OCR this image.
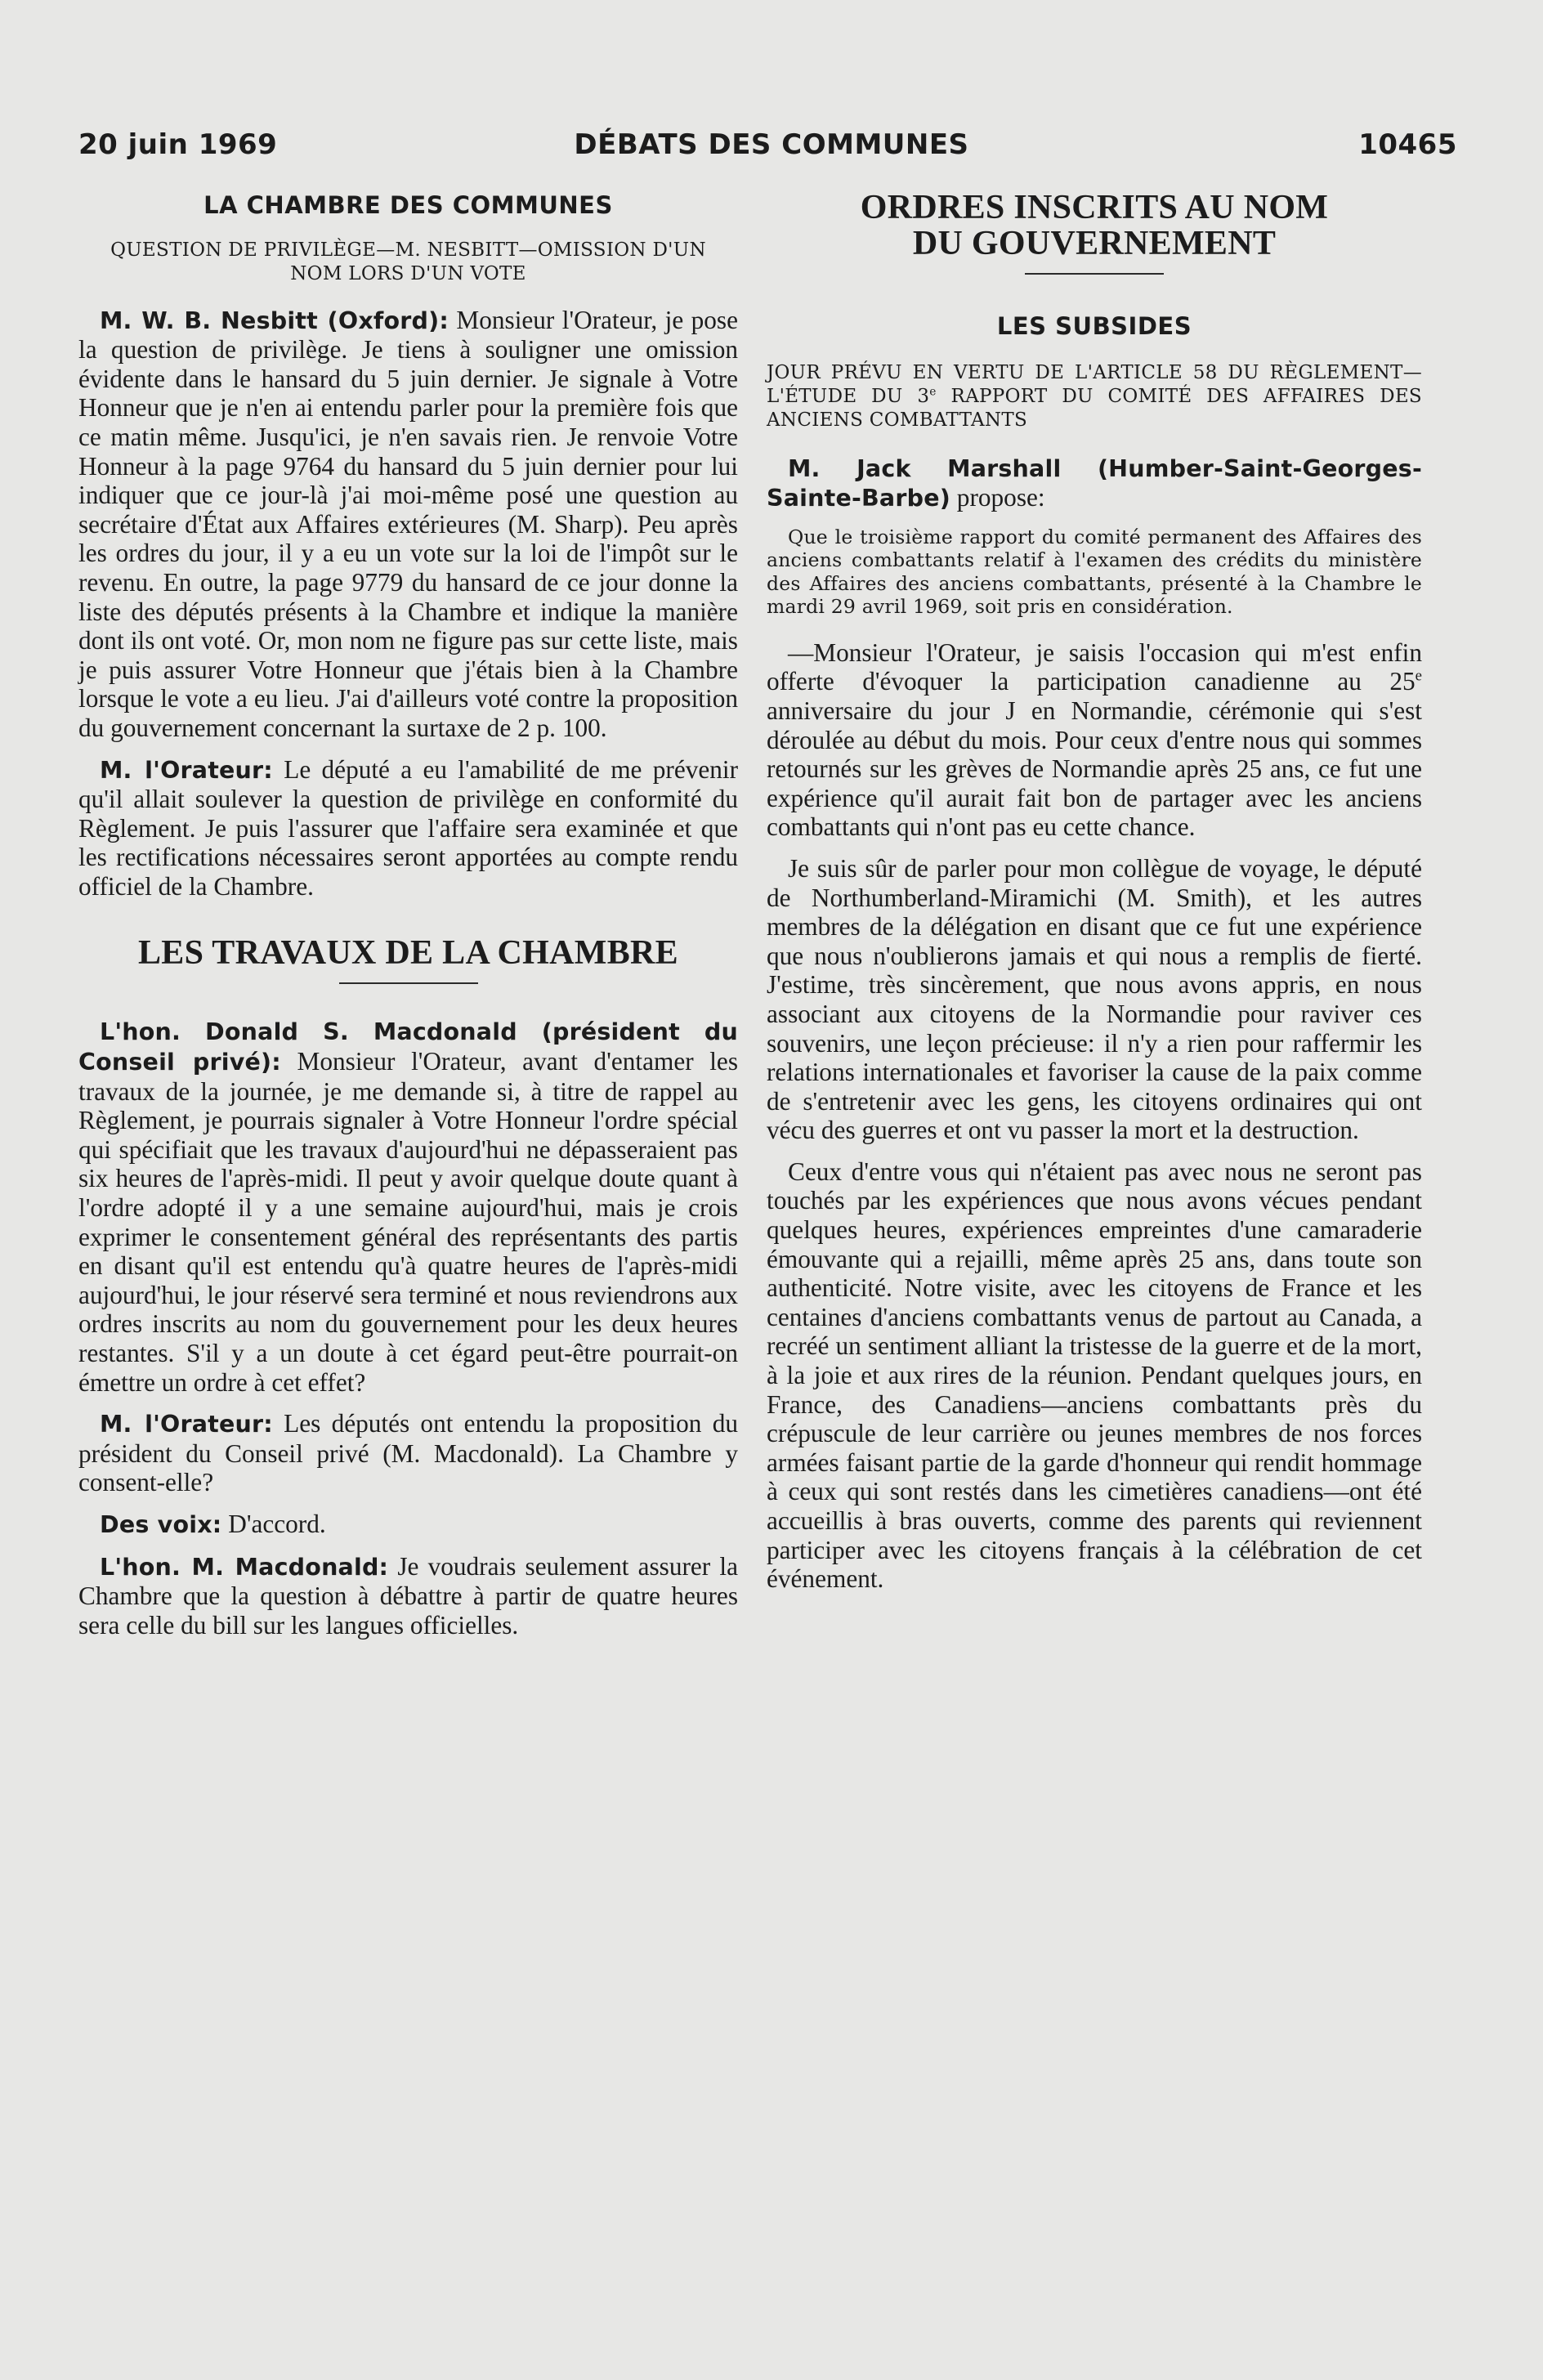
20 juin 1969	DÉBATS DES COMMUNES	10465
LA CHAMBRE DES COMMUNES
QUESTION DE PRIVILÈGE—M. NESBITT—OMISSION D'UN NOM LORS D'UN VOTE

M. W. B. Nesbitt (Oxford): Monsieur l'Orateur, je pose la question de privilège. Je tiens à souligner une omission évidente dans le hansard du 5 juin dernier. Je signale à Votre Honneur que je n'en ai entendu parler pour la première fois que ce matin même. Jusqu'ici, je n'en savais rien. Je renvoie Votre Honneur à la page 9764 du hansard du 5 juin dernier pour lui indiquer que ce jour-là j'ai moi-même posé une question au secrétaire d'État aux Affaires extérieures (M. Sharp). Peu après les ordres du jour, il y a eu un vote sur la loi de l'impôt sur le revenu. En outre, la page 9779 du hansard de ce jour donne la liste des députés présents à la Chambre et indique la manière dont ils ont voté. Or, mon nom ne figure pas sur cette liste, mais je puis assurer Votre Honneur que j'étais bien à la Chambre lorsque le vote a eu lieu. J'ai d'ailleurs voté contre la proposition du gouvernement concernant la surtaxe de 2 p. 100.

M. l'Orateur: Le député a eu l'amabilité de me prévenir qu'il allait soulever la question de privilège en conformité du Règlement. Je puis l'assurer que l'affaire sera examinée et que les rectifications nécessaires seront apportées au compte rendu officiel de la Chambre.

LES TRAVAUX DE LA CHAMBRE

L'hon. Donald S. Macdonald (président du Conseil privé): Monsieur l'Orateur, avant d'entamer les travaux de la journée, je me demande si, à titre de rappel au Règlement, je pourrais signaler à Votre Honneur l'ordre spécial qui spécifiait que les travaux d'aujourd'hui ne dépasseraient pas six heures de l'après-midi. Il peut y avoir quelque doute quant à l'ordre adopté il y a une semaine aujourd'hui, mais je crois exprimer le consentement général des représentants des partis en disant qu'il est entendu qu'à quatre heures de l'après-midi aujourd'hui, le jour réservé sera terminé et nous reviendrons aux ordres inscrits au nom du gouvernement pour les deux heures restantes. S'il y a un doute à cet égard peut-être pourrait-on émettre un ordre à cet effet?

M. l'Orateur: Les députés ont entendu la proposition du président du Conseil privé (M. Macdonald). La Chambre y consent-elle?

Des voix: D'accord.

L'hon. M. Macdonald: Je voudrais seulement assurer la Chambre que la question à débattre à partir de quatre heures sera celle du bill sur les langues officielles.

ORDRES INSCRITS AU NOM DU GOUVERNEMENT
LES SUBSIDES
JOUR PRÉVU EN VERTU DE L'ARTICLE 58 DU RÈGLEMENT—L'ÉTUDE DU 3e RAPPORT DU COMITÉ DES AFFAIRES DES ANCIENS COMBATTANTS

M. Jack Marshall (Humber-Saint-Georges-Sainte-Barbe) propose:

Que le troisième rapport du comité permanent des Affaires des anciens combattants relatif à l'examen des crédits du ministère des Affaires des anciens combattants, présenté à la Chambre le mardi 29 avril 1969, soit pris en considération.

—Monsieur l'Orateur, je saisis l'occasion qui m'est enfin offerte d'évoquer la participation canadienne au 25e anniversaire du jour J en Normandie, cérémonie qui s'est déroulée au début du mois. Pour ceux d'entre nous qui sommes retournés sur les grèves de Normandie après 25 ans, ce fut une expérience qu'il aurait fait bon de partager avec les anciens combattants qui n'ont pas eu cette chance.

Je suis sûr de parler pour mon collègue de voyage, le député de Northumberland-Miramichi (M. Smith), et les autres membres de la délégation en disant que ce fut une expérience que nous n'oublierons jamais et qui nous a remplis de fierté. J'estime, très sincèrement, que nous avons appris, en nous associant aux citoyens de la Normandie pour raviver ces souvenirs, une leçon précieuse: il n'y a rien pour raffermir les relations internationales et favoriser la cause de la paix comme de s'entretenir avec les gens, les citoyens ordinaires qui ont vécu des guerres et ont vu passer la mort et la destruction.

Ceux d'entre vous qui n'étaient pas avec nous ne seront pas touchés par les expériences que nous avons vécues pendant quelques heures, expériences empreintes d'une camaraderie émouvante qui a rejailli, même après 25 ans, dans toute son authenticité. Notre visite, avec les citoyens de France et les centaines d'anciens combattants venus de partout au Canada, a recréé un sentiment alliant la tristesse de la guerre et de la mort, à la joie et aux rires de la réunion. Pendant quelques jours, en France, des Canadiens—anciens combattants près du crépuscule de leur carrière ou jeunes membres de nos forces armées faisant partie de la garde d'honneur qui rendit hommage à ceux qui sont restés dans les cimetières canadiens—ont été accueillis à bras ouverts, comme des parents qui reviennent participer avec les citoyens français à la célébration de cet événement.
